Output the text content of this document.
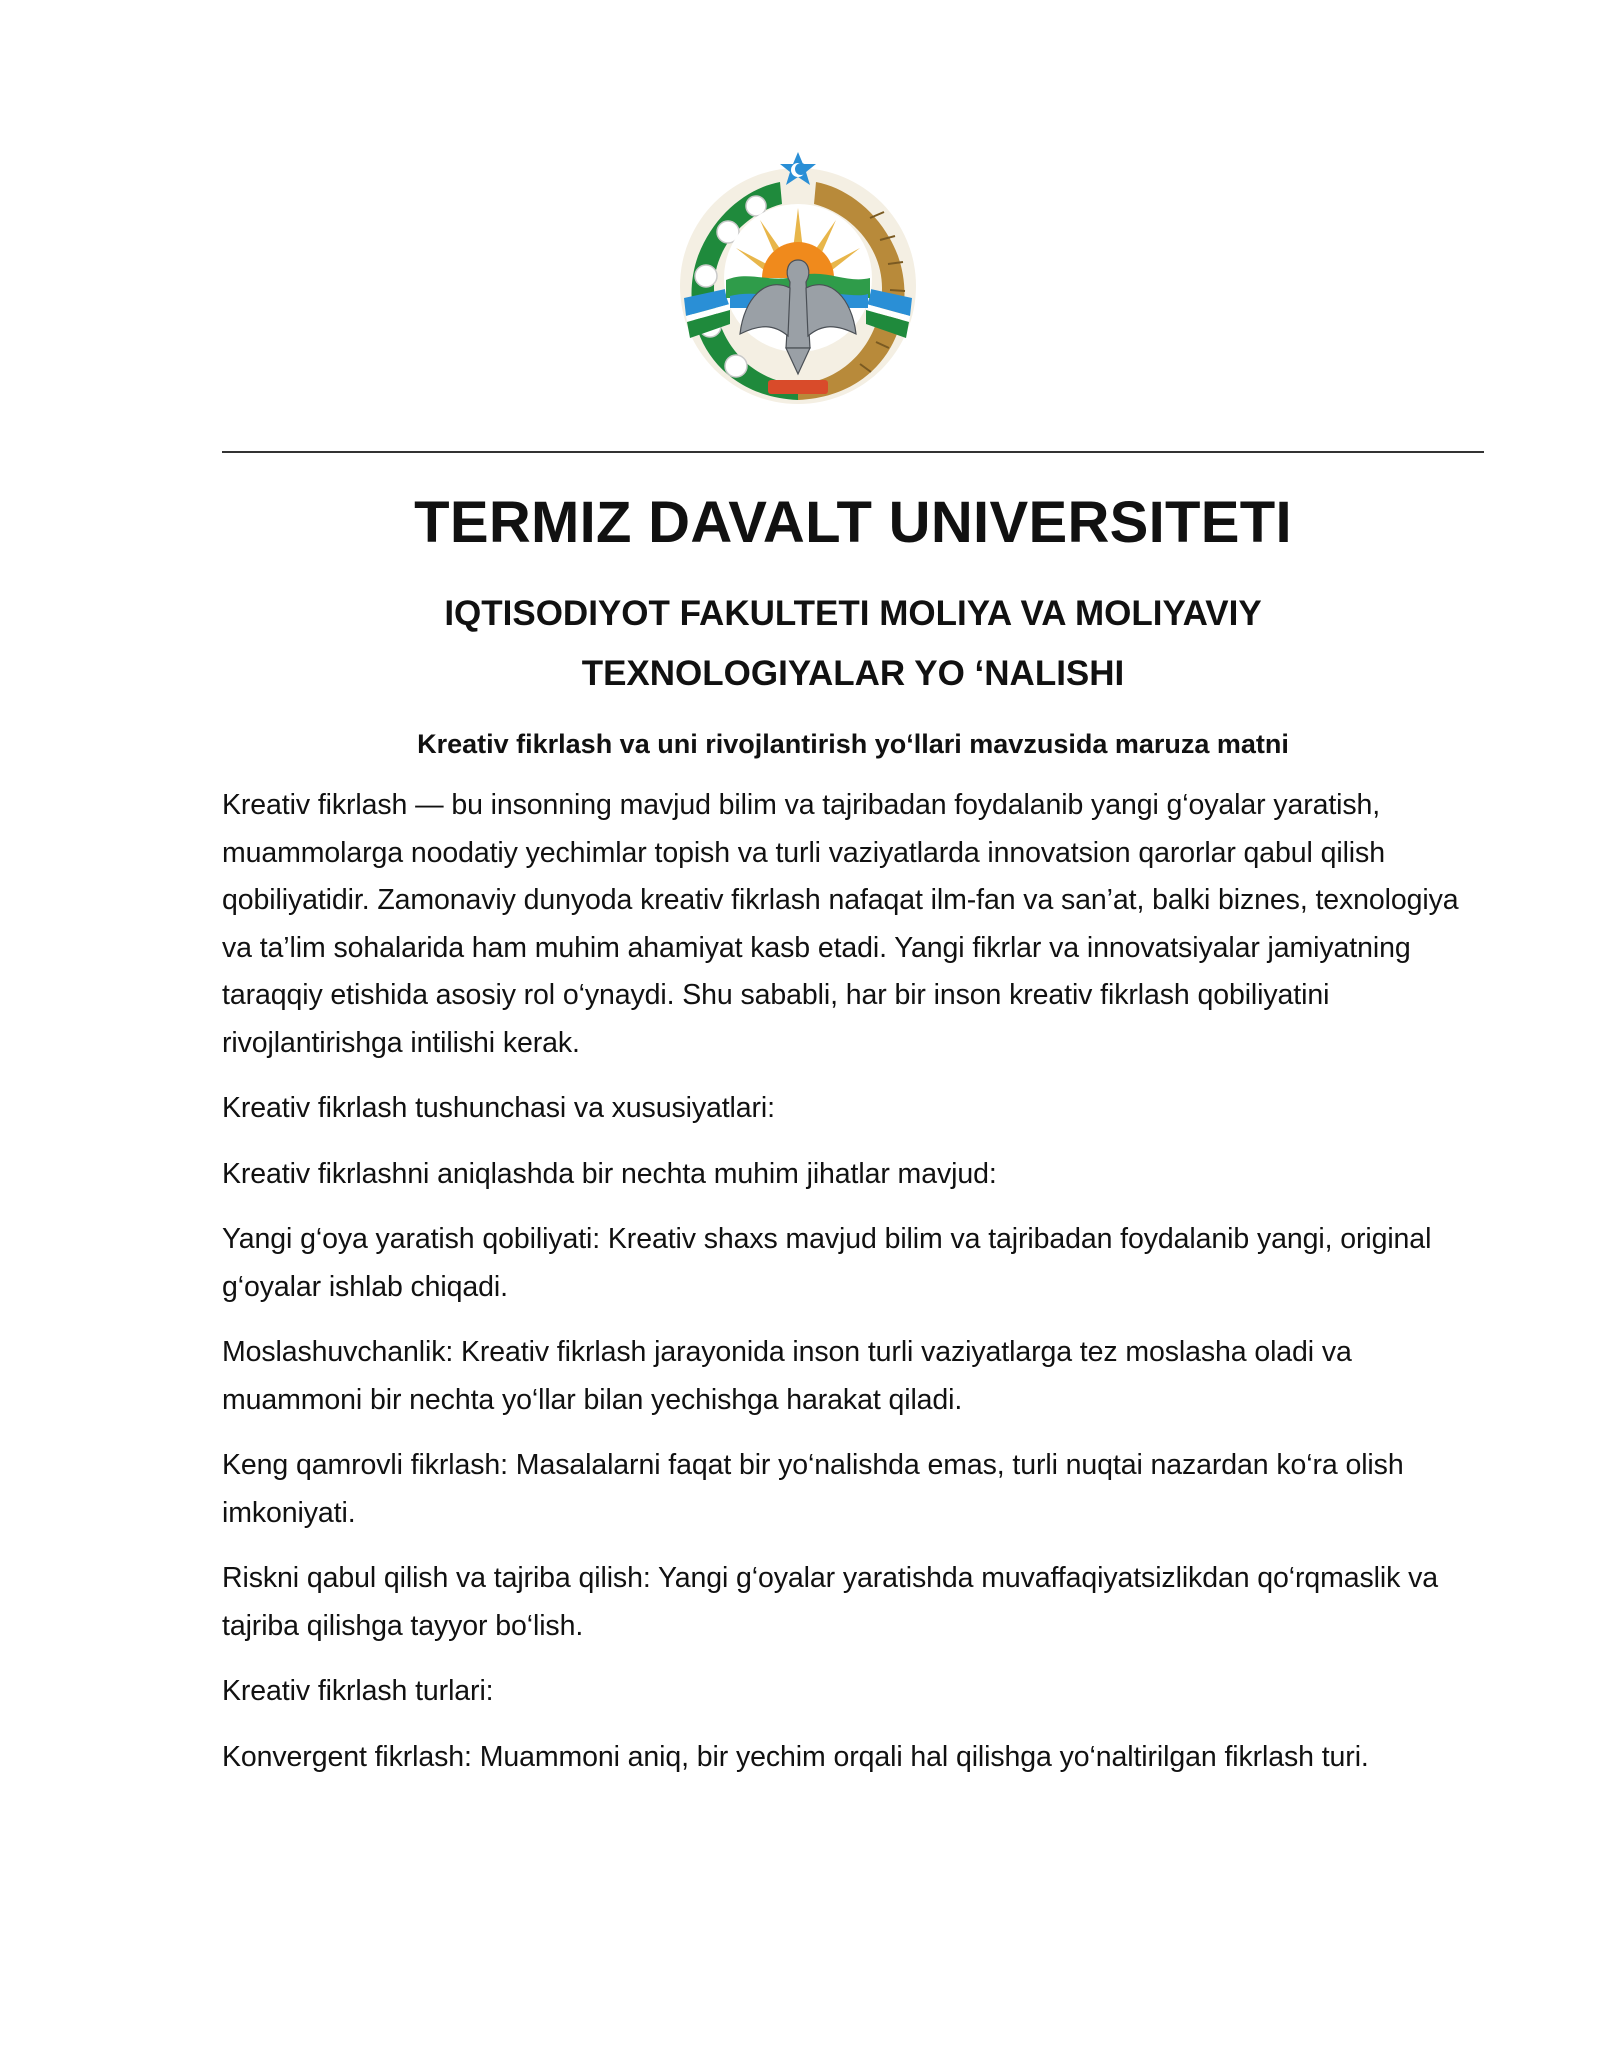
TERMIZ DAVALT UNIVERSITETI
IQTISODIYOT FAKULTETI MOLIYA VA MOLIYAVIY TEXNOLOGIYALAR YO ‘NALISHI
Kreativ fikrlash va uni rivojlantirish yo‘llari mavzusida maruza matni

Kreativ fikrlash — bu insonning mavjud bilim va tajribadan foydalanib yangi g‘oyalar yaratish, muammolarga noodatiy yechimlar topish va turli vaziyatlarda innovatsion qarorlar qabul qilish qobiliyatidir. Zamonaviy dunyoda kreativ fikrlash nafaqat ilm-fan va san’at, balki biznes, texnologiya va ta’lim sohalarida ham muhim ahamiyat kasb etadi. Yangi fikrlar va innovatsiyalar jamiyatning taraqqiy etishida asosiy rol o‘ynaydi. Shu sababli, har bir inson kreativ fikrlash qobiliyatini rivojlantirishga intilishi kerak.

Kreativ fikrlash tushunchasi va xususiyatlari:

Kreativ fikrlashni aniqlashda bir nechta muhim jihatlar mavjud:

Yangi g‘oya yaratish qobiliyati: Kreativ shaxs mavjud bilim va tajribadan foydalanib yangi, original g‘oyalar ishlab chiqadi.

Moslashuvchanlik: Kreativ fikrlash jarayonida inson turli vaziyatlarga tez moslasha oladi va muammoni bir nechta yo‘llar bilan yechishga harakat qiladi.

Keng qamrovli fikrlash: Masalalarni faqat bir yo‘nalishda emas, turli nuqtai nazardan ko‘ra olish imkoniyati.

Riskni qabul qilish va tajriba qilish: Yangi g‘oyalar yaratishda muvaffaqiyatsizlikdan qo‘rqmaslik va tajriba qilishga tayyor bo‘lish.

Kreativ fikrlash turlari:

Konvergent fikrlash: Muammoni aniq, bir yechim orqali hal qilishga yo‘naltirilgan fikrlash turi.
